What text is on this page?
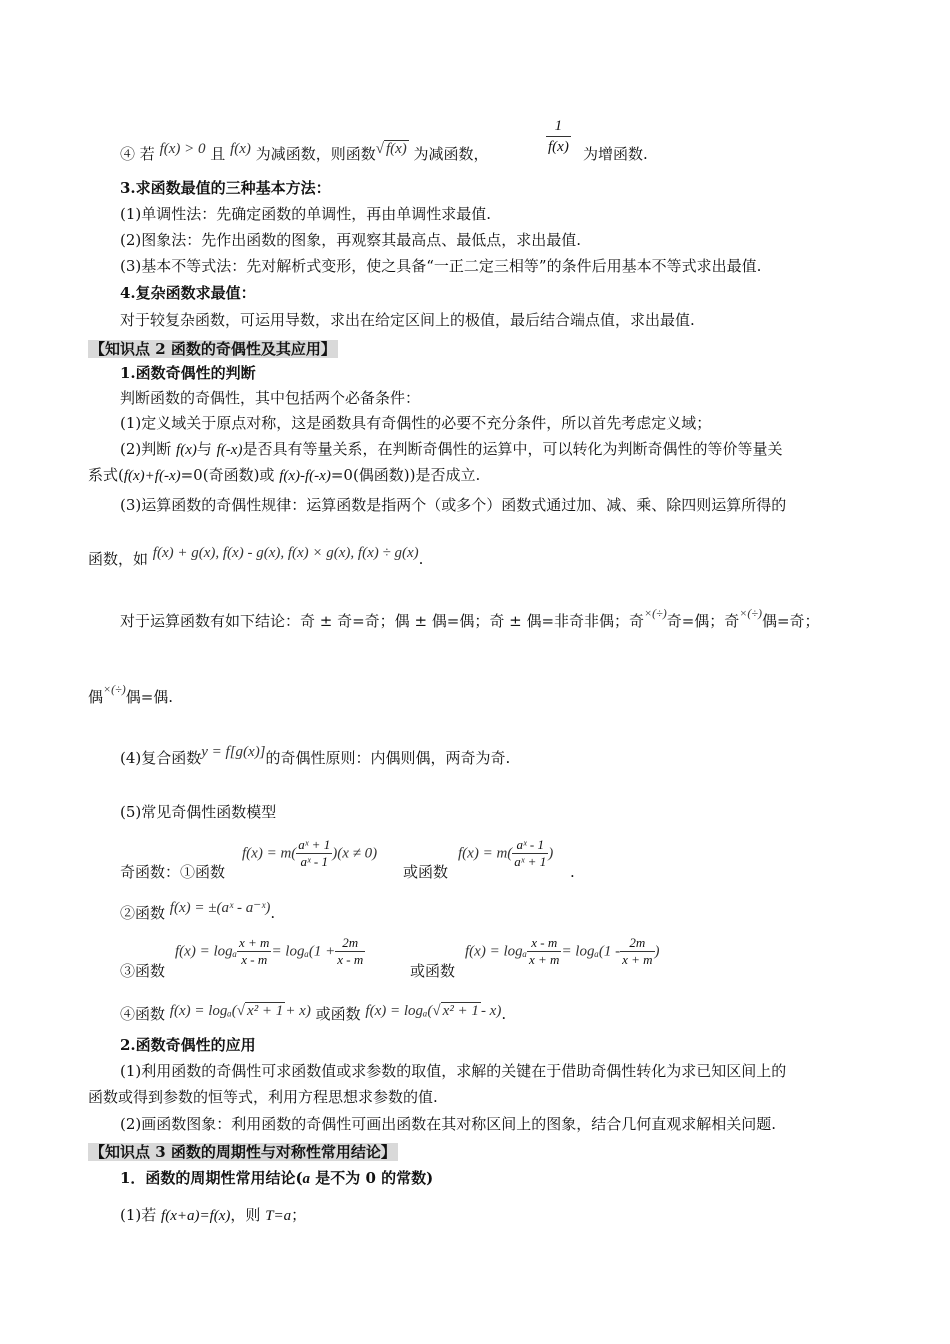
④ 若 f(x) > 0 且 f(x) 为减函数，则函数√ f(x) 为减函数，	$\frac{1}{f(x)}$ 为增函数.
3.求函数最值的三种基本方法：
(1)单调性法：先确定函数的单调性，再由单调性求最值.
(2)图象法：先作出函数的图象，再观察其最高点、最低点，求出最值.
(3)基本不等式法：先对解析式变形，使之具备“一正二定三相等”的条件后用基本不等式求出最值.
4.复杂函数求最值：
对于较复杂函数，可运用导数，求出在给定区间上的极值，最后结合端点值，求出最值.
【知识点 2 函数的奇偶性及其应用】
1.函数奇偶性的判断
判断函数的奇偶性，其中包括两个必备条件：
(1)定义域关于原点对称，这是函数具有奇偶性的必要不充分条件，所以首先考虑定义域；
(2)判断 f(x)与 f(-x)是否具有等量关系，在判断奇偶性的运算中，可以转化为判断奇偶性的等价等量关
系式(f(x)+f(-x)=0(奇函数)或 f(x)-f(-x)=0(偶函数))是否成立.
(3)运算函数的奇偶性规律：运算函数是指两个（或多个）函数式通过加、减、乘、除四则运算所得的
函数，如 f(x) + g(x), f(x) - g(x), f(x) × g(x), f(x) ÷ g(x).
对于运算函数有如下结论：奇 ± 奇=奇；偶 ± 偶=偶；奇 ± 偶=非奇非偶；奇×(÷)奇=偶；奇×(÷)偶=奇；
偶×(÷)偶=偶.
(4)复合函数y = f[g(x)]的奇偶性原则：内偶则偶，两奇为奇.
(5)常见奇偶性函数模型
奇函数：①函数
$f(x) = m( \frac{\text{aˣ + 1}}{\text{aˣ - 1}} )(x \ne 0)$
或函数
$f(x) = m( \frac{\text{aˣ - 1}}{\text{aˣ + 1}}$ )
.
②函数 f(x) = ±(aˣ - a⁻ˣ).
③函数
f(x) = logₐ $\frac{x + m}{x - m} = \log_a(1 + \frac{2m}{x - m}$
或函数
f(x) = logₐ $\frac{x - m}{x + m} = \log_a(1 - \frac{2m}{x + m}$ )
④函数 f(x) = logₐ(√ x² + 1 + x) 或函数 f(x) = logₐ(√ x² + 1 - x).
2.函数奇偶性的应用
(1)利用函数的奇偶性可求函数值或求参数的取值，求解的关键在于借助奇偶性转化为求已知区间上的
函数或得到参数的恒等式，利用方程思想求参数的值.
(2)画函数图象：利用函数的奇偶性可画出函数在其对称区间上的图象，结合几何直观求解相关问题.
【知识点 3 函数的周期性与对称性常用结论】
1．函数的周期性常用结论(a 是不为 0 的常数)
(1)若 f(x+a)=f(x)，则 T=a；
